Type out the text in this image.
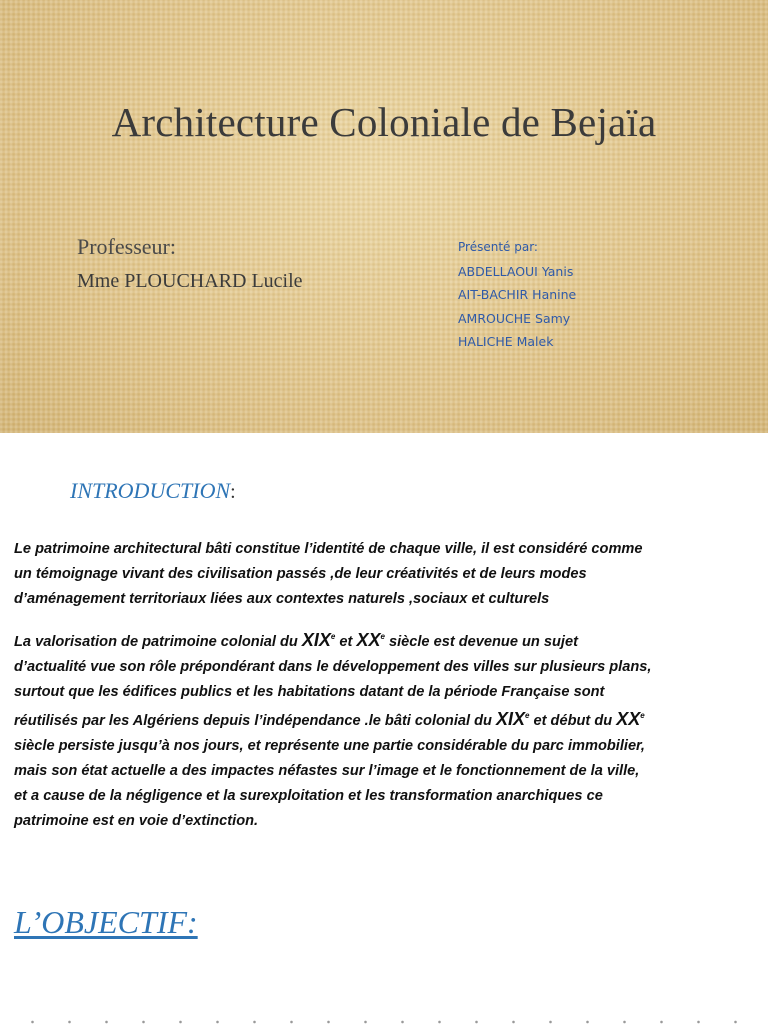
Architecture Coloniale de Bejaïa
Professeur:
Mme PLOUCHARD Lucile
Présenté par:
ABDELLAOUI Yanis
AIT-BACHIR Hanine
AMROUCHE Samy
HALICHE Malek
INTRODUCTION:
Le patrimoine architectural bâti constitue l’identité de chaque ville, il est considéré comme
un témoignage vivant des civilisation passés ,de leur créativités et de leurs modes
d’aménagement territoriaux liées aux contextes naturels ,sociaux et culturels
La valorisation de patrimoine colonial du XIXe et XXe siècle est devenue un sujet
d’actualité vue son rôle prépondérant dans le développement des villes sur plusieurs plans,
surtout que les édifices publics et les habitations datant de la période Française sont
réutilisés par les Algériens depuis l’indépendance .le bâti colonial du XIXe et début du XXe
siècle persiste jusqu’à nos jours, et représente une partie considérable du parc immobilier,
mais son état actuelle a des impactes néfastes sur l’image et le fonctionnement de la ville,
et a cause de la négligence et la surexploitation et les transformation anarchiques ce
patrimoine est en voie d’extinction.
L’OBJECTIF:
